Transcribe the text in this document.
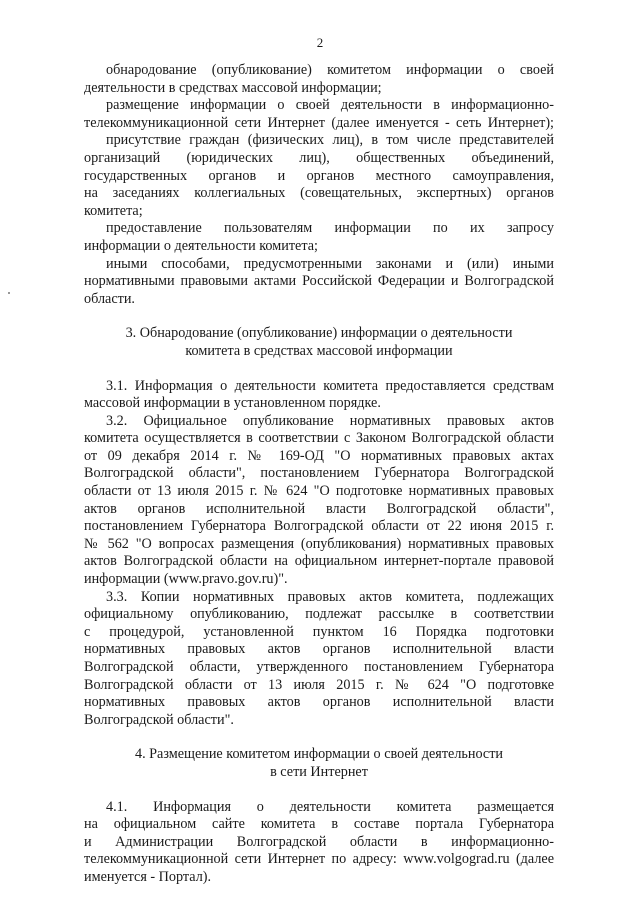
2
обнародование (опубликование) комитетом информации о своей
деятельности в средствах массовой информации;
размещение информации о своей деятельности в информационно-
телекоммуникационной сети Интернет (далее именуется - сеть Интернет);
присутствие граждан (физических лиц), в том числе представителей
организаций (юридических лиц), общественных объединений,
государственных органов и органов местного самоуправления,
на заседаниях коллегиальных (совещательных, экспертных) органов
комитета;
предоставление пользователям информации по их запросу
информации о деятельности комитета;
иными способами, предусмотренными законами и (или) иными
нормативными правовыми актами Российской Федерации и Волгоградской
области.
3. Обнародование (опубликование) информации о деятельности
комитета в средствах массовой информации
3.1. Информация о деятельности комитета предоставляется средствам
массовой информации в установленном порядке.
3.2. Официальное опубликование нормативных правовых актов
комитета осуществляется в соответствии с Законом Волгоградской области
от 09 декабря 2014 г. № 169-ОД "О нормативных правовых актах
Волгоградской области", постановлением Губернатора Волгоградской
области от 13 июля 2015 г. № 624 "О подготовке нормативных правовых
актов органов исполнительной власти Волгоградской области",
постановлением Губернатора Волгоградской области от 22 июня 2015 г.
№ 562 "О вопросах размещения (опубликования) нормативных правовых
актов Волгоградской области на официальном интернет-портале правовой
информации (www.pravo.gov.ru)".
3.3. Копии нормативных правовых актов комитета, подлежащих
официальному опубликованию, подлежат рассылке в соответствии
с процедурой, установленной пунктом 16 Порядка подготовки
нормативных правовых актов органов исполнительной власти
Волгоградской области, утвержденного постановлением Губернатора
Волгоградской области от 13 июля 2015 г. № 624 "О подготовке
нормативных правовых актов органов исполнительной власти
Волгоградской области".
4. Размещение комитетом информации о своей деятельности
в сети Интернет
4.1. Информация о деятельности комитета размещается
на официальном сайте комитета в составе портала Губернатора
и Администрации Волгоградской области в информационно-
телекоммуникационной сети Интернет по адресу: www.volgograd.ru (далее
именуется - Портал).
